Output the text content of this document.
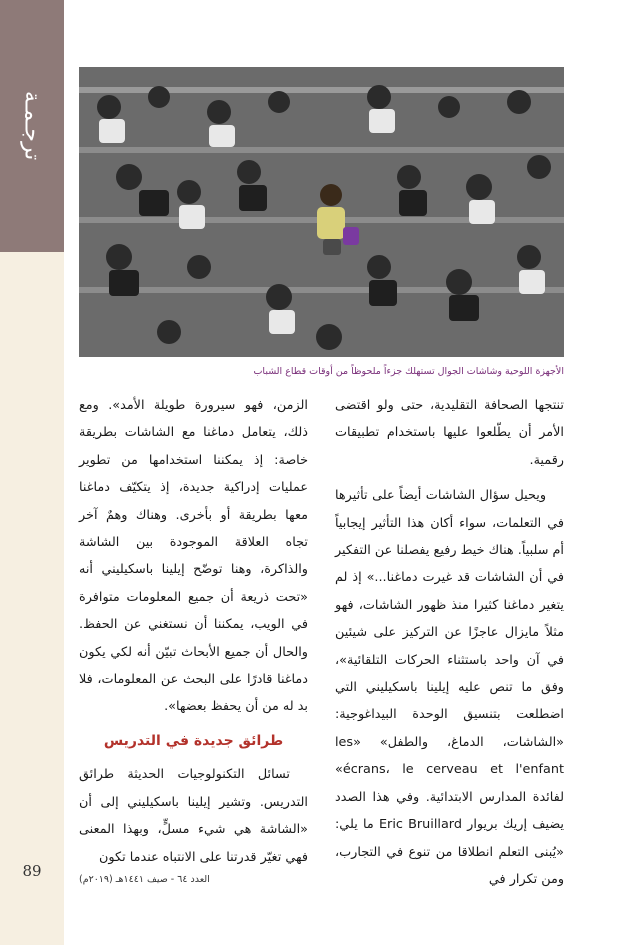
ترجـمـة
89
الأجهزة اللوحية وشاشات الجوال تستهلك جزءاً ملحوظاً من أوقات قطاع الشباب

تنتجها الصحافة التقليدية، حتى ولو اقتضى الأمر أن يطّلعوا عليها باستخدام تطبيقات رقمية.

ويحيل سؤال الشاشات أيضاً على تأثيرها في التعلمات، سواء أكان هذا التأثير إيجابياً أم سلبياً. هناك خيط رفيع يفصلنا عن التفكير في أن الشاشات قد غيرت دماغنا...» إذ لم يتغير دماغنا كثيرا منذ ظهور الشاشات، فهو مثلاً مايزال عاجزًا عن التركيز على شيئين في آن واحد باستثناء الحركات التلقائية»، وفق ما تنص عليه إيلينا باسكيليني التي اضطلعت بتنسيق الوحدة البيداغوجية: «الشاشات، الدماغ، والطفل» «les écrans، le cerveau et l'enfant» لفائدة المدارس الابتدائية. وفي هذا الصدد يضيف إريك بريوار Eric Bruillard ما يلي: «يُبنى التعلم انطلاقا من تنوع في التجارب، ومن تكرار في

الزمن، فهو سيرورة طويلة الأمد». ومع ذلك، يتعامل دماغنا مع الشاشات بطريقة خاصة: إذ يمكننا استخدامها من تطوير عمليات إدراكية جديدة، إذ يتكيّف دماغنا معها بطريقة أو بأخرى. وهناك وهمٌ آخر تجاه العلاقة الموجودة بين الشاشة والذاكرة، وهنا توضّح إيلينا باسكيليني أنه «تحت ذريعة أن جميع المعلومات متوافرة في الويب، يمكننا أن نستغني عن الحفظ. والحال أن جميع الأبحاث تبيّن أنه لكي يكون دماغنا قادرًا على البحث عن المعلومات، فلا بد له من أن يحفظ بعضها».

طرائق جديدة في التدريس

تسائل التكنولوجيات الحديثة طرائق التدريس. وتشير إيلينا باسكيليني إلى أن «الشاشة هي شيء مسلٍّ، وبهذا المعنى فهي تغيّر قدرتنا على الانتباه عندما تكون

العدد ٦٤ - صيف ١٤٤١هـ (٢٠١٩م)
